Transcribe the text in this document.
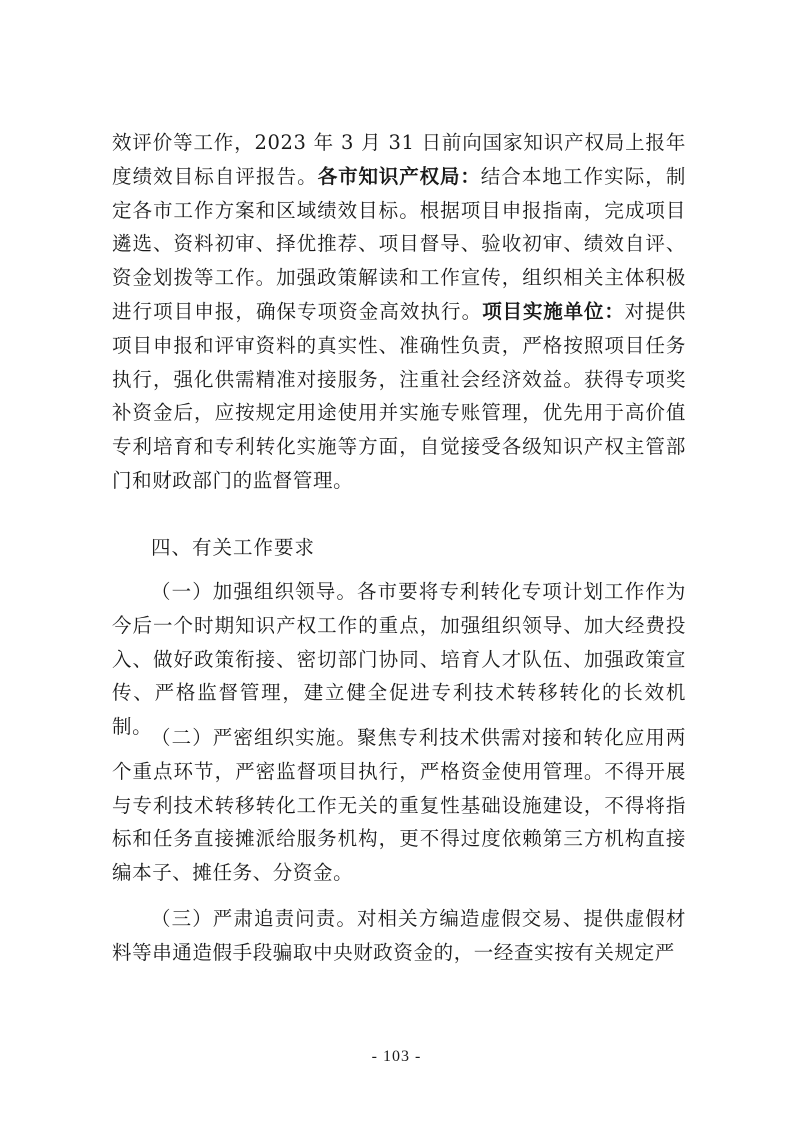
效评价等工作，2023 年 3 月 31 日前向国家知识产权局上报年度绩效目标自评报告。各市知识产权局：结合本地工作实际，制定各市工作方案和区域绩效目标。根据项目申报指南，完成项目遴选、资料初审、择优推荐、项目督导、验收初审、绩效自评、资金划拨等工作。加强政策解读和工作宣传，组织相关主体积极进行项目申报，确保专项资金高效执行。项目实施单位：对提供项目申报和评审资料的真实性、准确性负责，严格按照项目任务执行，强化供需精准对接服务，注重社会经济效益。获得专项奖补资金后，应按规定用途使用并实施专账管理，优先用于高价值专利培育和专利转化实施等方面，自觉接受各级知识产权主管部门和财政部门的监督管理。
四、有关工作要求
（一）加强组织领导。各市要将专利转化专项计划工作作为今后一个时期知识产权工作的重点，加强组织领导、加大经费投入、做好政策衔接、密切部门协同、培育人才队伍、加强政策宣传、严格监督管理，建立健全促进专利技术转移转化的长效机制。
（二）严密组织实施。聚焦专利技术供需对接和转化应用两个重点环节，严密监督项目执行，严格资金使用管理。不得开展与专利技术转移转化工作无关的重复性基础设施建设，不得将指标和任务直接摊派给服务机构，更不得过度依赖第三方机构直接编本子、摊任务、分资金。
（三）严肃追责问责。对相关方编造虚假交易、提供虚假材料等串通造假手段骗取中央财政资金的，一经查实按有关规定严
- 103 -
